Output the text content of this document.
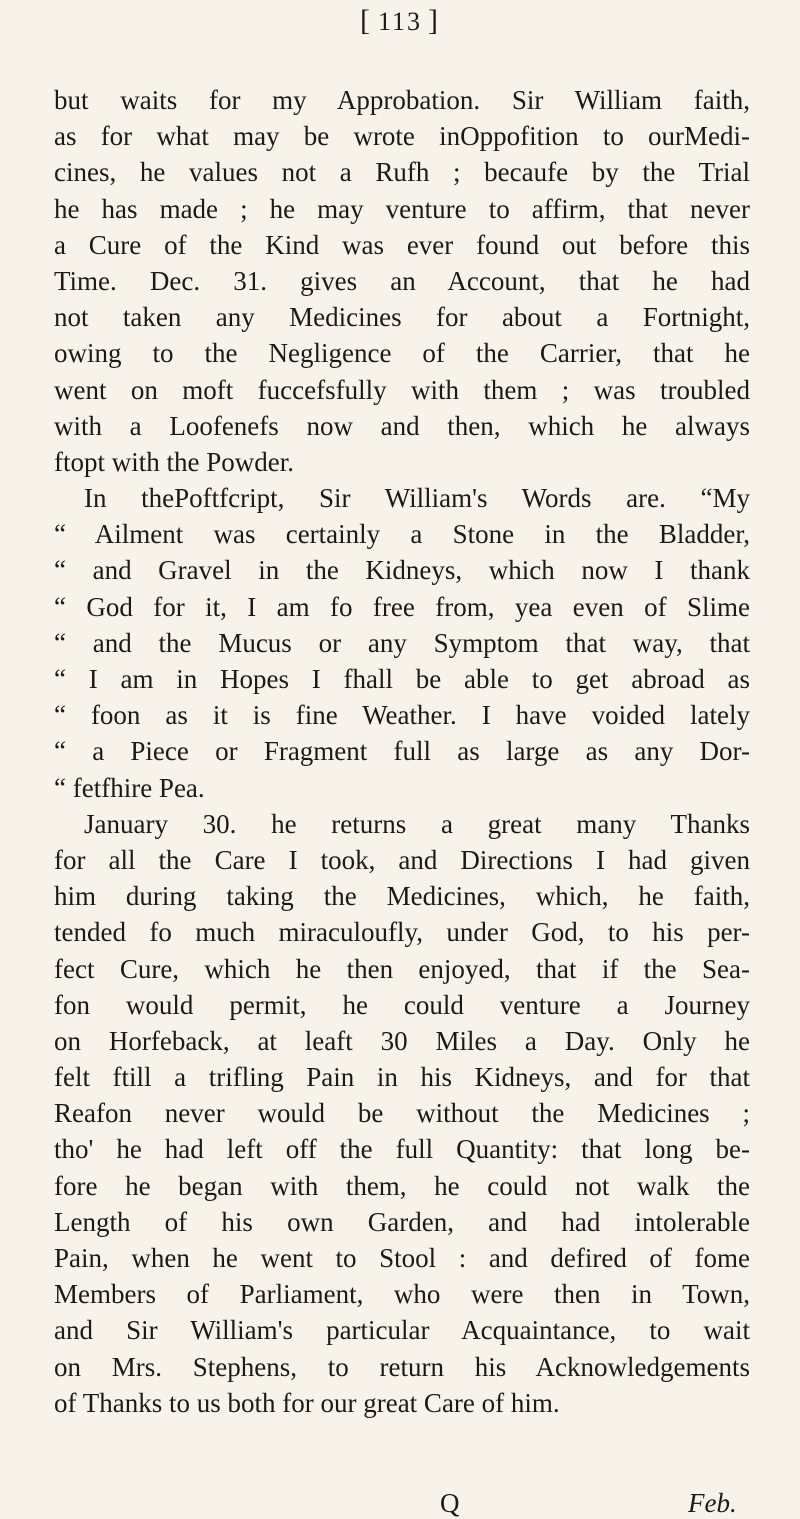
[ 113 ]
but waits for my Approbation. Sir William faith,
as for what may be wrote inOppofition to ourMedi-
cines, he values not a Rufh ; becaufe by the Trial
he has made ; he may venture to affirm, that never
a Cure of the Kind was ever found out before this
Time. Dec. 31. gives an Account, that he had
not taken any Medicines for about a Fortnight,
owing to the Negligence of the Carrier, that he
went on moft fuccefsfully with them ; was troubled
with a Loofenefs now and then, which he always
ftopt with the Powder.
In thePoftfcript, Sir William's Words are. “My
“ Ailment was certainly a Stone in the Bladder,
“ and Gravel in the Kidneys, which now I thank
“ God for it, I am fo free from, yea even of Slime
“ and the Mucus or any Symptom that way, that
“ I am in Hopes I fhall be able to get abroad as
“ foon as it is fine Weather. I have voided lately
“ a Piece or Fragment full as large as any Dor-
“ fetfhire Pea.
January 30. he returns a great many Thanks
for all the Care I took, and Directions I had given
him during taking the Medicines, which, he faith,
tended fo much miraculoufly, under God, to his per-
fect Cure, which he then enjoyed, that if the Sea-
fon would permit, he could venture a Journey
on Horfeback, at leaft 30 Miles a Day. Only he
felt ftill a trifling Pain in his Kidneys, and for that
Reafon never would be without the Medicines ;
tho' he had left off the full Quantity: that long be-
fore he began with them, he could not walk the
Length of his own Garden, and had intolerable
Pain, when he went to Stool : and defired of fome
Members of Parliament, who were then in Town,
and Sir William's particular Acquaintance, to wait
on Mrs. Stephens, to return his Acknowledgements
of Thanks to us both for our great Care of him.
Q	Feb.
